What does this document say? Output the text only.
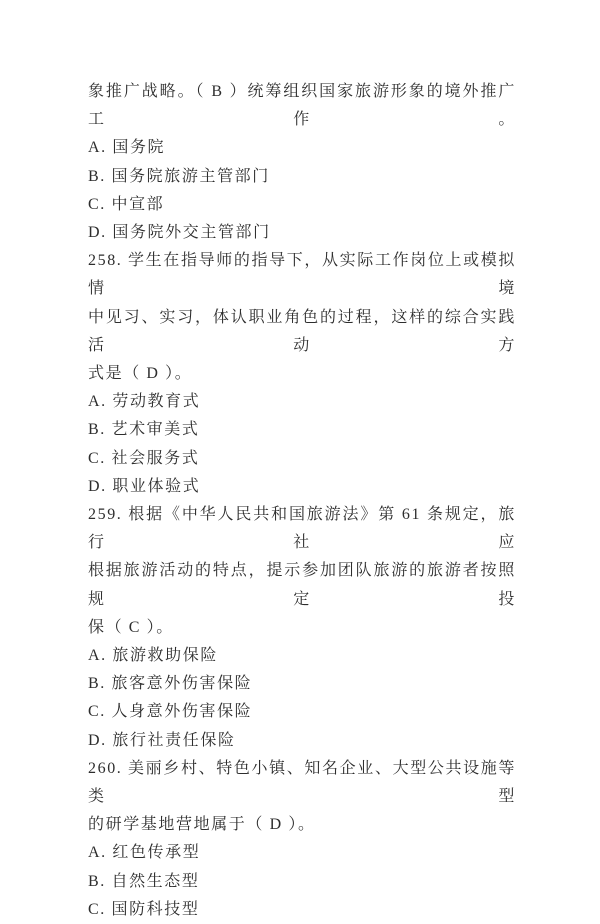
象推广战略。（ B ）统筹组织国家旅游形象的境外推广工作。
A. 国务院
B. 国务院旅游主管部门
C. 中宣部
D. 国务院外交主管部门
258. 学生在指导师的指导下，从实际工作岗位上或模拟情境
中见习、实习，体认职业角色的过程，这样的综合实践活动方
式是（ D ）。
A. 劳动教育式
B. 艺术审美式
C. 社会服务式
D. 职业体验式
259. 根据《中华人民共和国旅游法》第 61 条规定，旅行社应
根据旅游活动的特点，提示参加团队旅游的旅游者按照规定投
保（ C ）。
A. 旅游救助保险
B. 旅客意外伤害保险
C. 人身意外伤害保险
D. 旅行社责任保险
260. 美丽乡村、特色小镇、知名企业、大型公共设施等类型
的研学基地营地属于（ D ）。
A. 红色传承型
B. 自然生态型
C. 国防科技型
